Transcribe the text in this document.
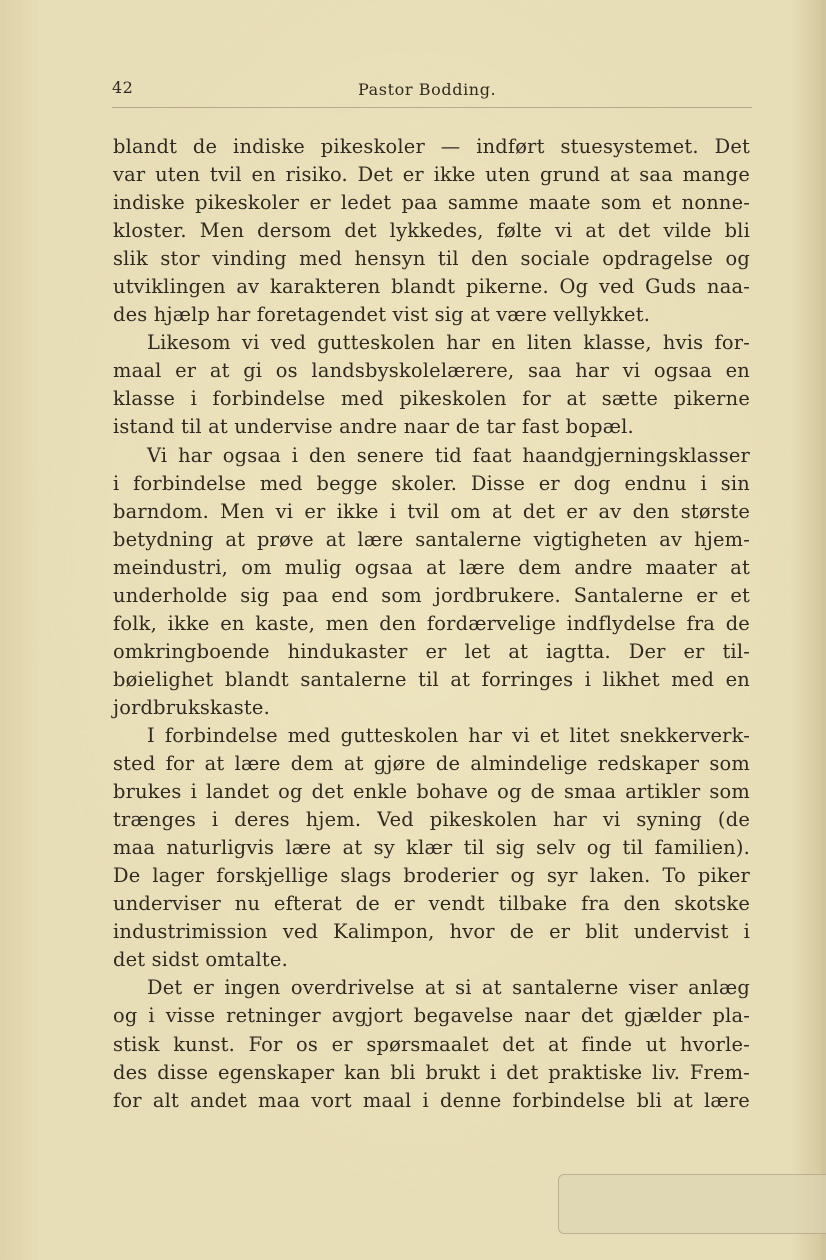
42	Pastor Bodding.
blandt de indiske pikeskoler — indført stuesystemet. Det
var uten tvil en risiko. Det er ikke uten grund at saa mange
indiske pikeskoler er ledet paa samme maate som et nonne-
kloster. Men dersom det lykkedes, følte vi at det vilde bli
slik stor vinding med hensyn til den sociale opdragelse og
utviklingen av karakteren blandt pikerne. Og ved Guds naa-
des hjælp har foretagendet vist sig at være vellykket.
Likesom vi ved gutteskolen har en liten klasse, hvis for-
maal er at gi os landsbyskolelærere, saa har vi ogsaa en
klasse i forbindelse med pikeskolen for at sætte pikerne
istand til at undervise andre naar de tar fast bopæl.
Vi har ogsaa i den senere tid faat haandgjerningsklasser
i forbindelse med begge skoler. Disse er dog endnu i sin
barndom. Men vi er ikke i tvil om at det er av den største
betydning at prøve at lære santalerne vigtigheten av hjem-
meindustri, om mulig ogsaa at lære dem andre maater at
underholde sig paa end som jordbrukere. Santalerne er et
folk, ikke en kaste, men den fordærvelige indflydelse fra de
omkringboende hindukaster er let at iagtta. Der er til-
bøielighet blandt santalerne til at forringes i likhet med en
jordbrukskaste.
I forbindelse med gutteskolen har vi et litet snekkerverk-
sted for at lære dem at gjøre de almindelige redskaper som
brukes i landet og det enkle bohave og de smaa artikler som
trænges i deres hjem. Ved pikeskolen har vi syning (de
maa naturligvis lære at sy klær til sig selv og til familien).
De lager forskjellige slags broderier og syr laken. To piker
underviser nu efterat de er vendt tilbake fra den skotske
industrimission ved Kalimpon, hvor de er blit undervist i
det sidst omtalte.
Det er ingen overdrivelse at si at santalerne viser anlæg
og i visse retninger avgjort begavelse naar det gjælder pla-
stisk kunst. For os er spørsmaalet det at finde ut hvorle-
des disse egenskaper kan bli brukt i det praktiske liv. Frem-
for alt andet maa vort maal i denne forbindelse bli at lære
